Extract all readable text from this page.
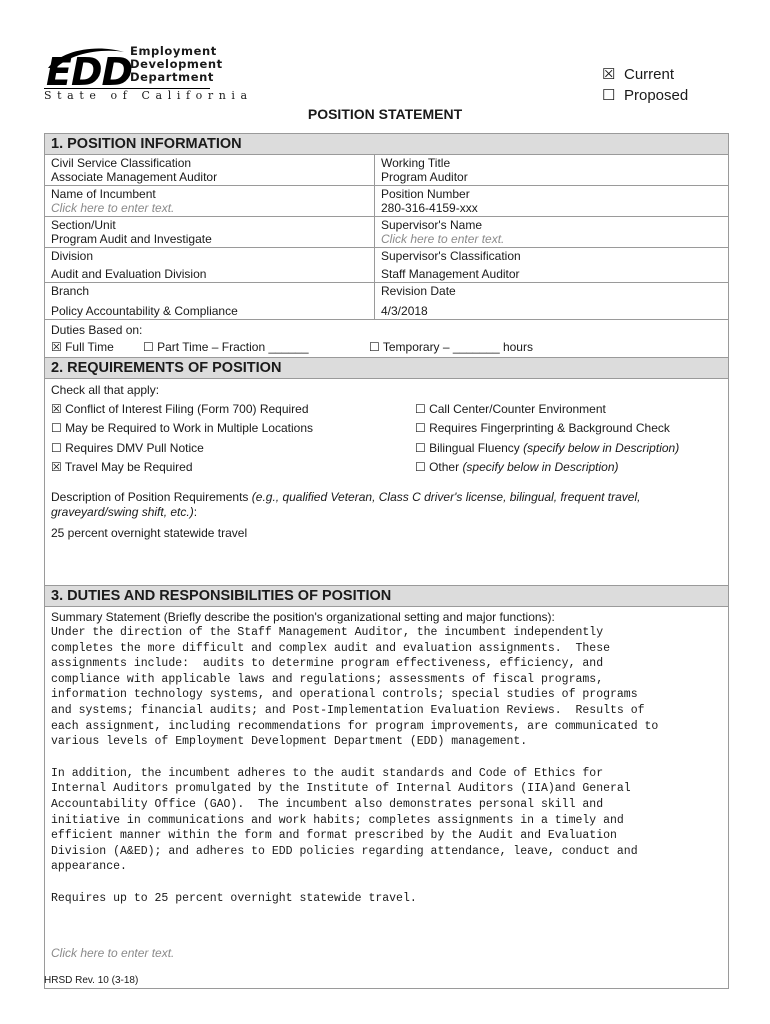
EDD
Employment
Development
Department
State of California
☒ Current
☐ Proposed
POSITION STATEMENT
1. POSITION INFORMATION
Civil Service Classification
Associate Management Auditor
Working Title
Program Auditor
Name of Incumbent
Click here to enter text.
Position Number
280-316-4159-xxx
Section/Unit
Program Audit and Investigate
Supervisor's Name
Click here to enter text.
Division
Audit and Evaluation Division
Supervisor's Classification
Staff Management Auditor
Branch
Policy Accountability & Compliance
Revision Date
4/3/2018
Duties Based on:
☒ Full Time ☐ Part Time – Fraction ______	☐ Temporary – _______ hours
2. REQUIREMENTS OF POSITION
Check all that apply:
☒ Conflict of Interest Filing (Form 700) Required
☐ May be Required to Work in Multiple Locations
☐ Requires DMV Pull Notice
☒ Travel May be Required
☐ Call Center/Counter Environment
☐ Requires Fingerprinting & Background Check
☐ Bilingual Fluency (specify below in Description)
☐ Other (specify below in Description)
Description of Position Requirements (e.g., qualified Veteran, Class C driver's license, bilingual, frequent travel, graveyard/swing shift, etc.):
25 percent overnight statewide travel
3. DUTIES AND RESPONSIBILITIES OF POSITION
Summary Statement (Briefly describe the position's organizational setting and major functions):
Under the direction of the Staff Management Auditor, the incumbent independently
completes the more difficult and complex audit and evaluation assignments.  These
assignments include:  audits to determine program effectiveness, efficiency, and
compliance with applicable laws and regulations; assessments of fiscal programs,
information technology systems, and operational controls; special studies of programs
and systems; financial audits; and Post-Implementation Evaluation Reviews.  Results of
each assignment, including recommendations for program improvements, are communicated to
various levels of Employment Development Department (EDD) management.
In addition, the incumbent adheres to the audit standards and Code of Ethics for
Internal Auditors promulgated by the Institute of Internal Auditors (IIA)and General
Accountability Office (GAO).  The incumbent also demonstrates personal skill and
initiative in communications and work habits; completes assignments in a timely and
efficient manner within the form and format prescribed by the Audit and Evaluation
Division (A&ED); and adheres to EDD policies regarding attendance, leave, conduct and
appearance.
Requires up to 25 percent overnight statewide travel.
Click here to enter text.
HRSD Rev. 10 (3-18)
